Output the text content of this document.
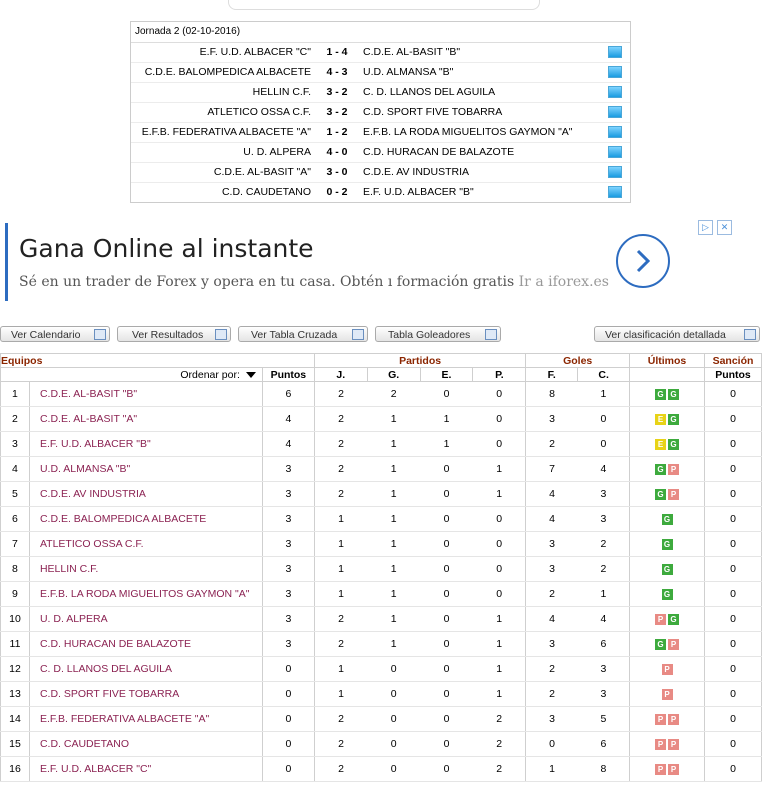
Jornada 2 (02-10-2016)
E.F. U.D. ALBACER "C"	1 - 4	C.D.E. AL-BASIT "B"
C.D.E. BALOMPEDICA ALBACETE	4 - 3	U.D. ALMANSA "B"
HELLIN C.F.	3 - 2	C. D. LLANOS DEL AGUILA
ATLETICO OSSA C.F.	3 - 2	C.D. SPORT FIVE TOBARRA
E.F.B. FEDERATIVA ALBACETE "A"	1 - 2	E.F.B. LA RODA MIGUELITOS GAYMON "A"
U. D. ALPERA	4 - 0	C.D. HURACAN DE BALAZOTE
C.D.E. AL-BASIT "A"	3 - 0	C.D.E. AV INDUSTRIA
C.D. CAUDETANO	0 - 2	E.F. U.D. ALBACER "B"
Gana Online al instante
Sé en un trader de Forex y opera en tu casa. Obtén ı formación gratis Ir a iforex.es
▷	✕
Ver Calendario	Ver Resultados	Ver Tabla Cruzada	Tabla Goleadores	Ver clasificación detallada
Equipos			Partidos				Goles		Últimos	Sanción
Ordenar por:		Puntos	J.	G.	E.	P.	F.	C.		Puntos
1	C.D.E. AL-BASIT "B"	6	2	2	0	0	8	1	G G	0
2	C.D.E. AL-BASIT "A"	4	2	1	1	0	3	0	E G	0
3	E.F. U.D. ALBACER "B"	4	2	1	1	0	2	0	E G	0
4	U.D. ALMANSA "B"	3	2	1	0	1	7	4	G P	0
5	C.D.E. AV INDUSTRIA	3	2	1	0	1	4	3	G P	0
6	C.D.E. BALOMPEDICA ALBACETE	3	1	1	0	0	4	3	G	0
7	ATLETICO OSSA C.F.	3	1	1	0	0	3	2	G	0
8	HELLIN C.F.	3	1	1	0	0	3	2	G	0
9	E.F.B. LA RODA MIGUELITOS GAYMON "A"	3	1	1	0	0	2	1	G	0
10	U. D. ALPERA	3	2	1	0	1	4	4	P G	0
11	C.D. HURACAN DE BALAZOTE	3	2	1	0	1	3	6	G P	0
12	C. D. LLANOS DEL AGUILA	0	1	0	0	1	2	3	P	0
13	C.D. SPORT FIVE TOBARRA	0	1	0	0	1	2	3	P	0
14	E.F.B. FEDERATIVA ALBACETE "A"	0	2	0	0	2	3	5	P P	0
15	C.D. CAUDETANO	0	2	0	0	2	0	6	P P	0
16	E.F. U.D. ALBACER "C"	0	2	0	0	2	1	8	P P	0
